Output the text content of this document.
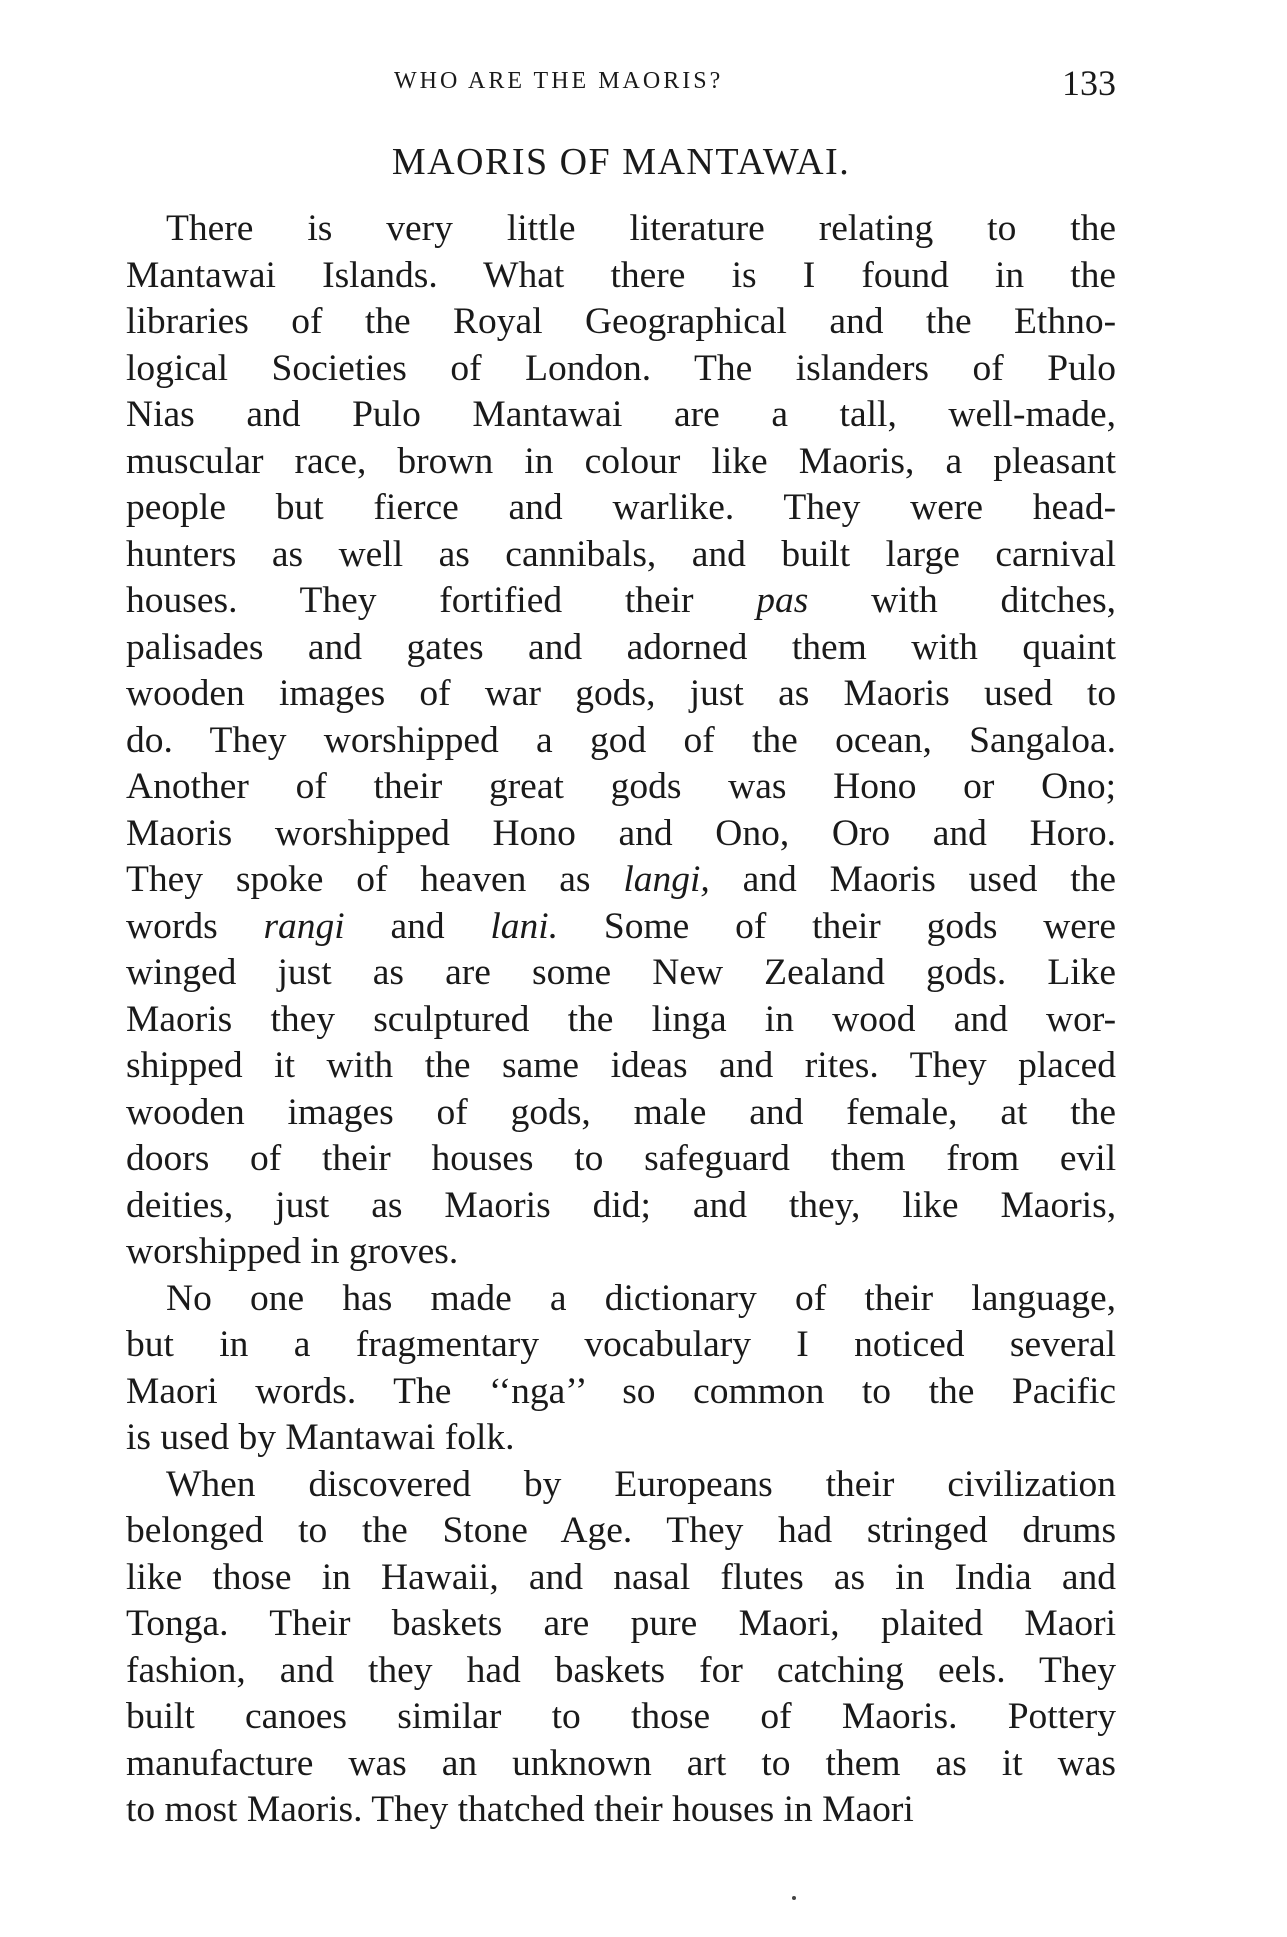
WHO ARE THE MAORIS?	133
MAORIS OF MANTAWAI.
There is very little literature relating to the
Mantawai Islands. What there is I found in the
libraries of the Royal Geographical and the Ethno-
logical Societies of London. The islanders of Pulo
Nias and Pulo Mantawai are a tall, well-made,
muscular race, brown in colour like Maoris, a pleasant
people but fierce and warlike. They were head-
hunters as well as cannibals, and built large carnival
houses. They fortified their pas with ditches,
palisades and gates and adorned them with quaint
wooden images of war gods, just as Maoris used to
do. They worshipped a god of the ocean, Sangaloa.
Another of their great gods was Hono or Ono;
Maoris worshipped Hono and Ono, Oro and Horo.
They spoke of heaven as langi, and Maoris used the
words rangi and lani. Some of their gods were
winged just as are some New Zealand gods. Like
Maoris they sculptured the linga in wood and wor-
shipped it with the same ideas and rites. They placed
wooden images of gods, male and female, at the
doors of their houses to safeguard them from evil
deities, just as Maoris did; and they, like Maoris,
worshipped in groves.
No one has made a dictionary of their language,
but in a fragmentary vocabulary I noticed several
Maori words. The ‘‘nga’’ so common to the Pacific
is used by Mantawai folk.
When discovered by Europeans their civilization
belonged to the Stone Age. They had stringed drums
like those in Hawaii, and nasal flutes as in India and
Tonga. Their baskets are pure Maori, plaited Maori
fashion, and they had baskets for catching eels. They
built canoes similar to those of Maoris. Pottery
manufacture was an unknown art to them as it was
to most Maoris. They thatched their houses in Maori
